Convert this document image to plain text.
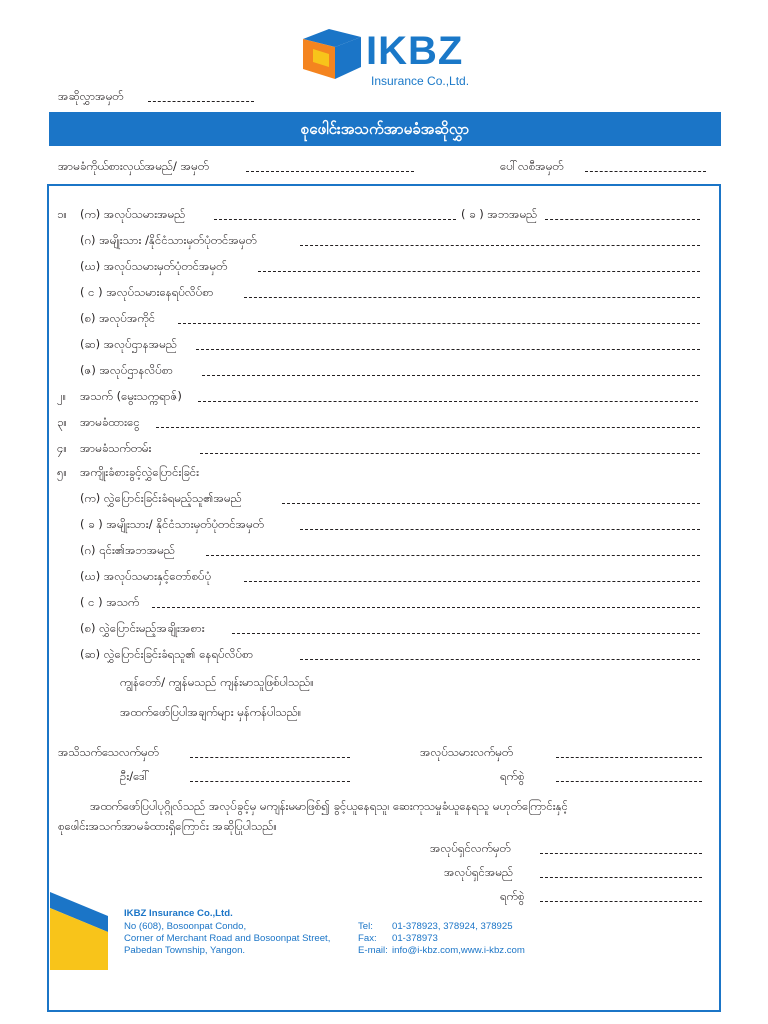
IKBZ
Insurance Co.,Ltd.
အဆိုလွှာအမှတ်
စုဖေါင်းအသက်အာမခံအဆိုလွှာ
အာမခံကိုယ်စားလှယ်အမည်/ အမှတ်	ပေါ်လစီအမှတ်
၁။ (က) အလုပ်သမားအမည်	( ခ ) အဘအမည်
(ဂ) အမျိုးသား /နိုင်ငံသားမှတ်ပုံတင်အမှတ်
(ဃ) အလုပ်သမားမှတ်ပုံတင်အမှတ်
( င ) အလုပ်သမားနေရပ်လိပ်စာ
(စ) အလုပ်အကိုင်
(ဆ) အလုပ်ဌာနအမည်
(ဇ) အလုပ်ဌာနလိပ်စာ
၂။ အသက် (မွေးသက္ကရာဇ်)
၃။ အာမခံထားငွေ
၄။ အာမခံသက်တမ်း
၅။ အကျိုးခံစားခွင့်လွှဲပြောင်းခြင်း
(က) လွှဲပြောင်းခြင်းခံရမည့်သူ၏အမည်
( ခ ) အမျိုးသား/ နိုင်ငံသားမှတ်ပုံတင်အမှတ်
(ဂ) ၎င်း၏အဘအမည်
(ဃ) အလုပ်သမားနှင့်တော်စပ်ပုံ
( င ) အသက်
(စ) လွှဲပြောင်းမည့်အချိုးအစား
(ဆ) လွှဲပြောင်းခြင်းခံရသူ၏ နေရပ်လိပ်စာ
ကျွန်တော်/ ကျွန်မသည် ကျန်းမာသူဖြစ်ပါသည်။
အထက်ဖော်ပြပါအချက်များ မှန်ကန်ပါသည်။
အသိသက်သေလက်မှတ်	အလုပ်သမားလက်မှတ်
ဦး/ဒေါ်	ရက်စွဲ
အထက်ဖော်ပြပါပုဂ္ဂိုလ်သည် အလုပ်ခွင့်မှ မကျန်းမမာဖြစ်၍ ခွင့်ယူနေရသူ၊ ဆေးကုသမှုခံယူနေရသူ မဟုတ်ကြောင်းနှင့်
စုဖေါင်းအသက်အာမခံထားရှိကြောင်း အဆိုပြုပါသည်။
အလုပ်ရှင်လက်မှတ်
အလုပ်ရှင်အမည်
ရက်စွဲ
IKBZ Insurance Co.,Ltd.
No (608), Bosoonpat Condo,
Corner of Merchant Road and Bosoonpat Street,
Pabedan Township, Yangon.
Tel: 01-378923, 378924, 378925
Fax: 01-378973
E-mail: info@i-kbz.com,www.i-kbz.com
